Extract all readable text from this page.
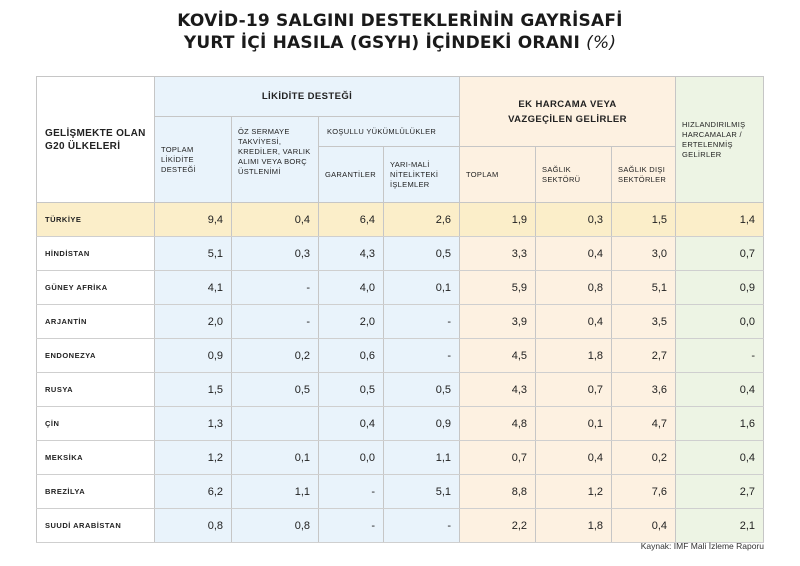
KOVİD-19 SALGINI DESTEKLERİNİN GAYRİSAFİ
YURT İÇİ HASILA (GSYH) İÇİNDEKİ ORANI (%)
GELİŞMEKTE OLAN G20 ÜLKELERİ	LİKİDİTE DESTEĞİ				EK HARCAMA VEYA VAZGEÇİLEN GELİRLER			HIZLANDIRILMIŞ HARCAMALAR / ERTELENMİŞ GELİRLER
	TOPLAM LİKİDİTE DESTEĞİ	ÖZ SERMAYE TAKVİYESİ, KREDİLER, VARLIK ALIMI VEYA BORÇ ÜSTLENİMİ	KOŞULLU YÜKÜMLÜLÜKLER					
			GARANTİLER	YARI-MALİ NİTELİKTEKİ İŞLEMLER	TOPLAM	SAĞLIK SEKTÖRÜ	SAĞLIK DIŞI SEKTÖRLER	
TÜRKİYE	9,4	0,4	6,4	2,6	1,9	0,3	1,5	1,4
HİNDİSTAN	5,1	0,3	4,3	0,5	3,3	0,4	3,0	0,7
GÜNEY AFRİKA	4,1	-	4,0	0,1	5,9	0,8	5,1	0,9
ARJANTİN	2,0	-	2,0	-	3,9	0,4	3,5	0,0
ENDONEZYA	0,9	0,2	0,6	-	4,5	1,8	2,7	-
RUSYA	1,5	0,5	0,5	0,5	4,3	0,7	3,6	0,4
ÇİN	1,3		0,4	0,9	4,8	0,1	4,7	1,6
MEKSİKA	1,2	0,1	0,0	1,1	0,7	0,4	0,2	0,4
BREZİLYA	6,2	1,1	-	5,1	8,8	1,2	7,6	2,7
SUUDİ ARABİSTAN	0,8	0,8	-	-	2,2	1,8	0,4	2,1
Kaynak: IMF Mali İzleme Raporu
